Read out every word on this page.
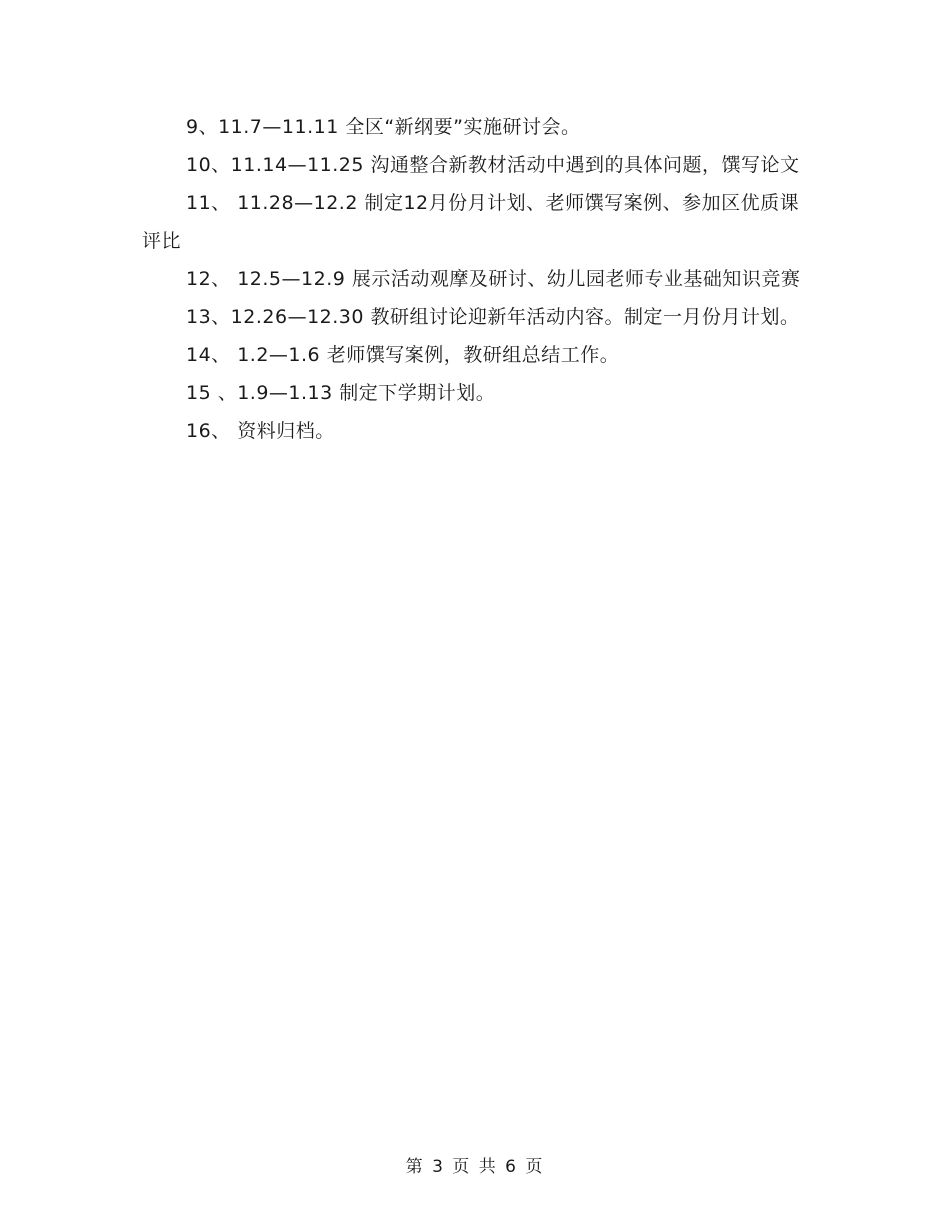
9、11.7—11.11 全区“新纲要”实施研讨会。

10、11.14—11.25 沟通整合新教材活动中遇到的具体问题，馔写论文

11、 11.28—12.2 制定12月份月计划、老师馔写案例、参加区优质课评比

12、 12.5—12.9 展示活动观摩及研讨、幼儿园老师专业基础知识竞赛

13、12.26—12.30 教研组讨论迎新年活动内容。制定一月份月计划。

14、 1.2—1.6 老师馔写案例，教研组总结工作。

15 、1.9—1.13 制定下学期计划。

16、 资料归档。

第 3 页 共 6 页
